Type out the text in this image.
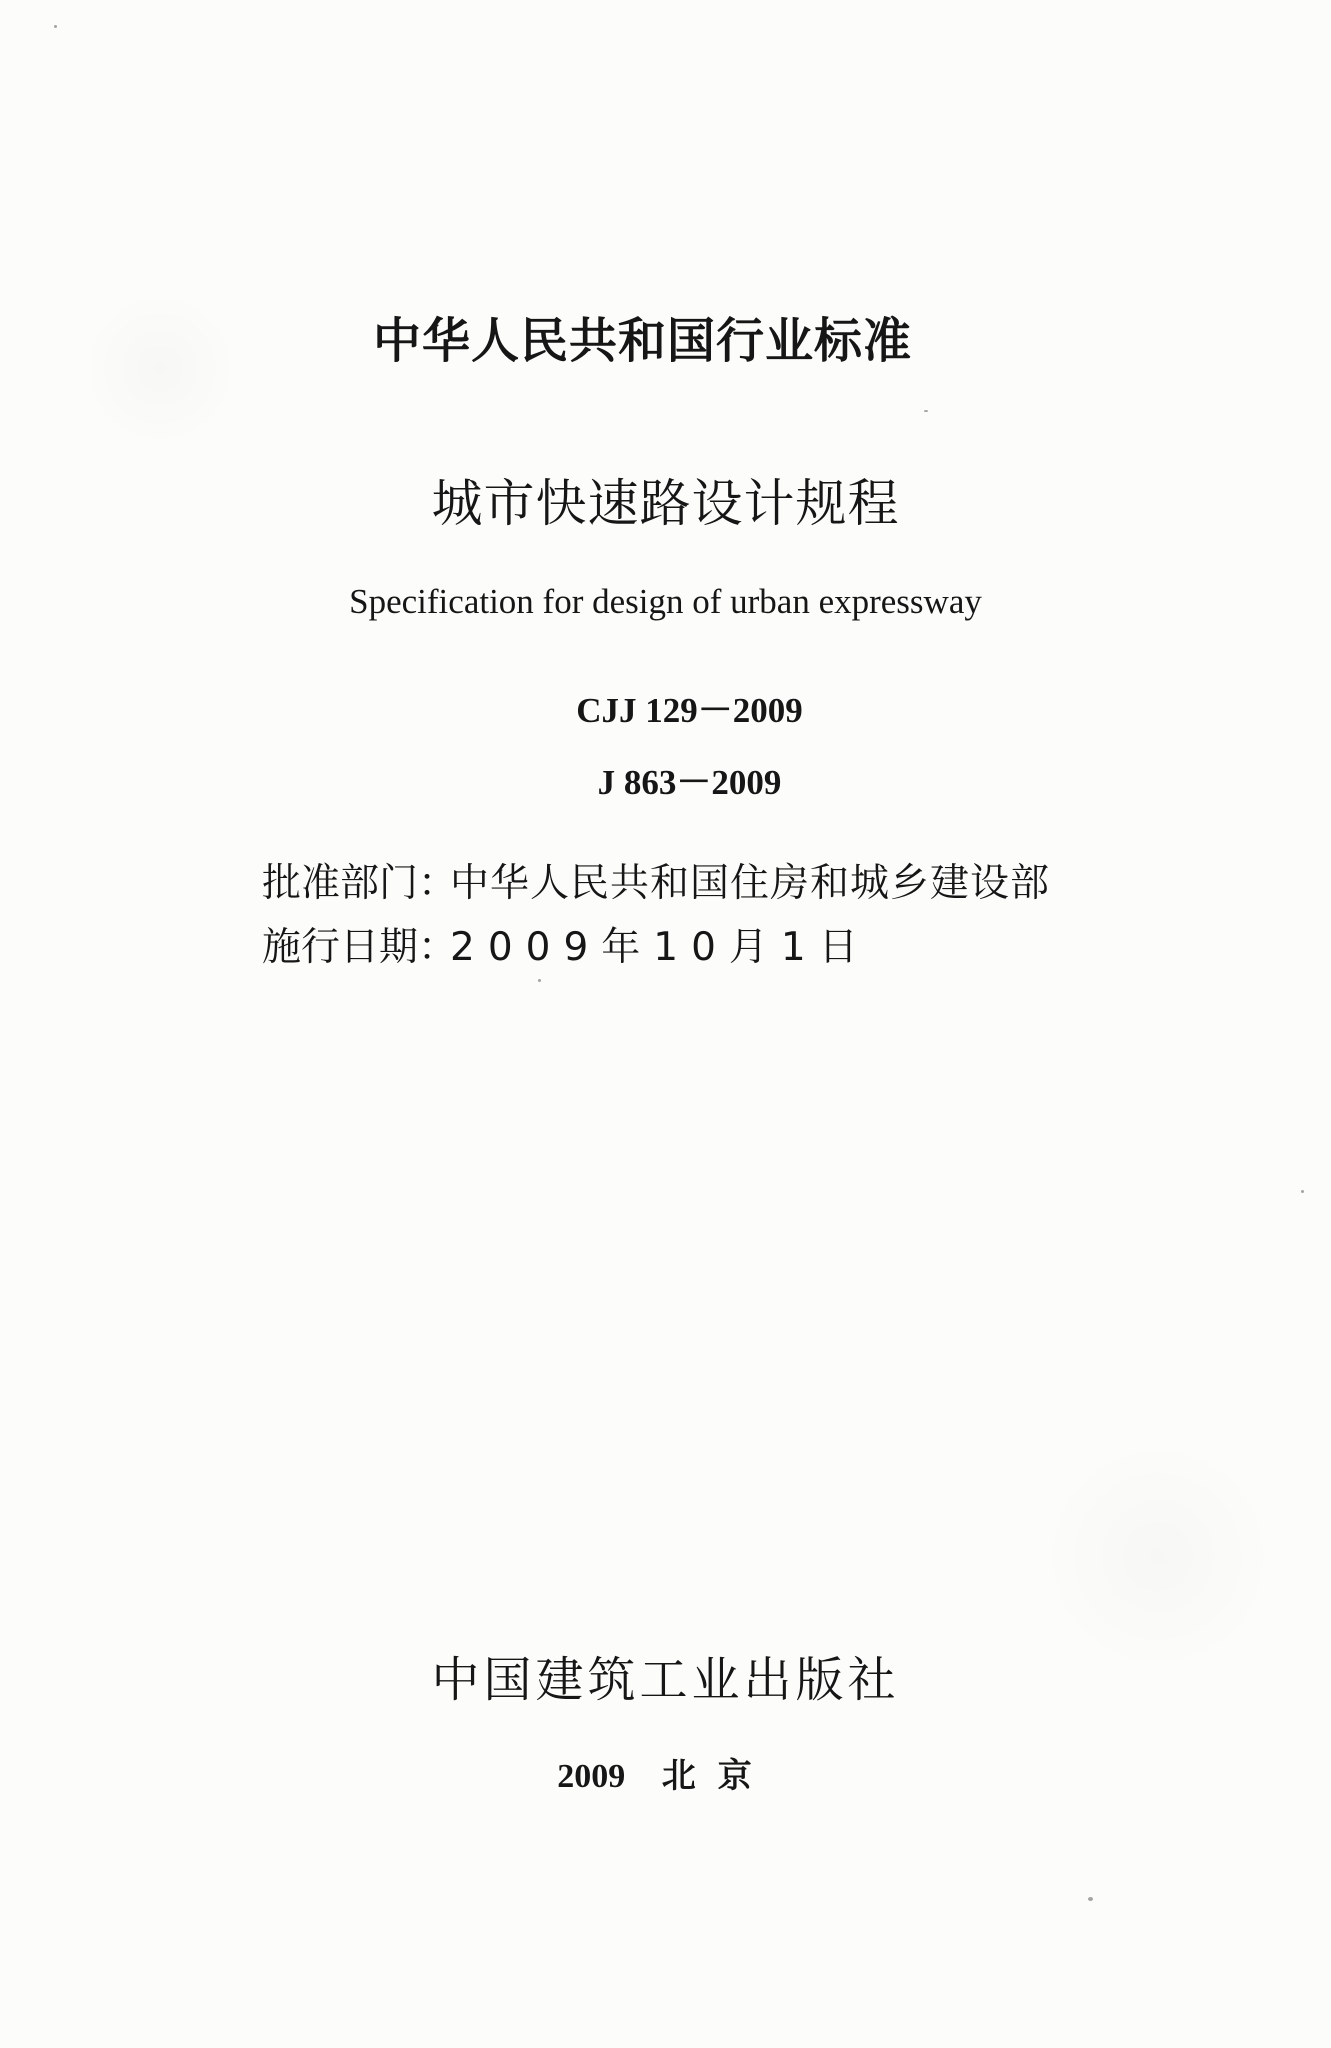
中华人民共和国行业标准
城市快速路设计规程
Specification for design of urban expressway
CJJ 129－2009
J 863－2009
批准部门：
中华人民共和国住房和城乡建设部
施行日期：
2009年10月1日
中国建筑工业出版社
2009 北京
